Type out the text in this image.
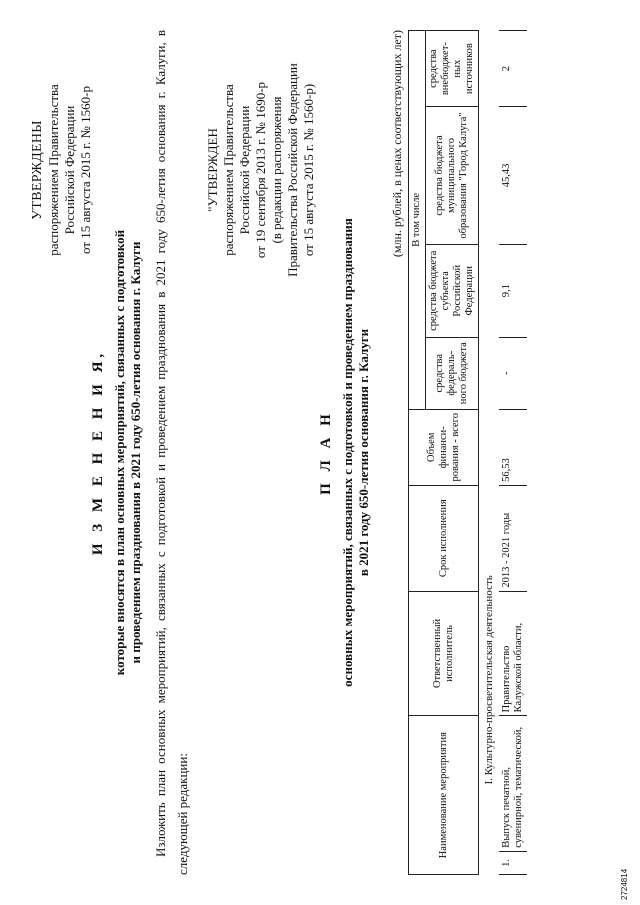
УТВЕРЖДЕНЫ распоряжением Правительства Российской Федерации от 15 августа 2015 г. № 1560-р
И З М Е Н Е Н И Я, которые вносятся в план основных мероприятий, связанных с подготовкой и проведением празднования в 2021 году 650-летия основания г. Калуги Изложить план основных мероприятий, связанных с подготовкой и проведением празднования в 2021 году 650-летия основания г. Калуги, в следующей редакции:
"УТВЕРЖДЕН распоряжением Правительства Российской Федерации от 19 сентября 2013 г. № 1690-р (в редакции распоряжения Правительства Российской Федерации от 15 августа 2015 г. № 1560-р)
П Л А Н основных мероприятий, связанных с подготовкой и проведением празднования в 2021 году 650-летия основания г. Калуги
(млн. рублей, в ценах соответствующих лет)
Наименование мероприятия		Ответственный исполнитель	Срок исполнения	Объем финанси-рования - всего	В том числе			
					средства федераль-ного бюджета	средства бюджета субъекта Российской Федерации	средства бюджета муниципального образования "Город Калуга"	средства внебюджет-ных источников
I. Культурно-просветительская деятельность								
1.	Выпуск печатной, сувенирной, тематической,	Правительство Калужской области,	2013 - 2021 годы	56,53	-	9,1	45,43	2
2724814
